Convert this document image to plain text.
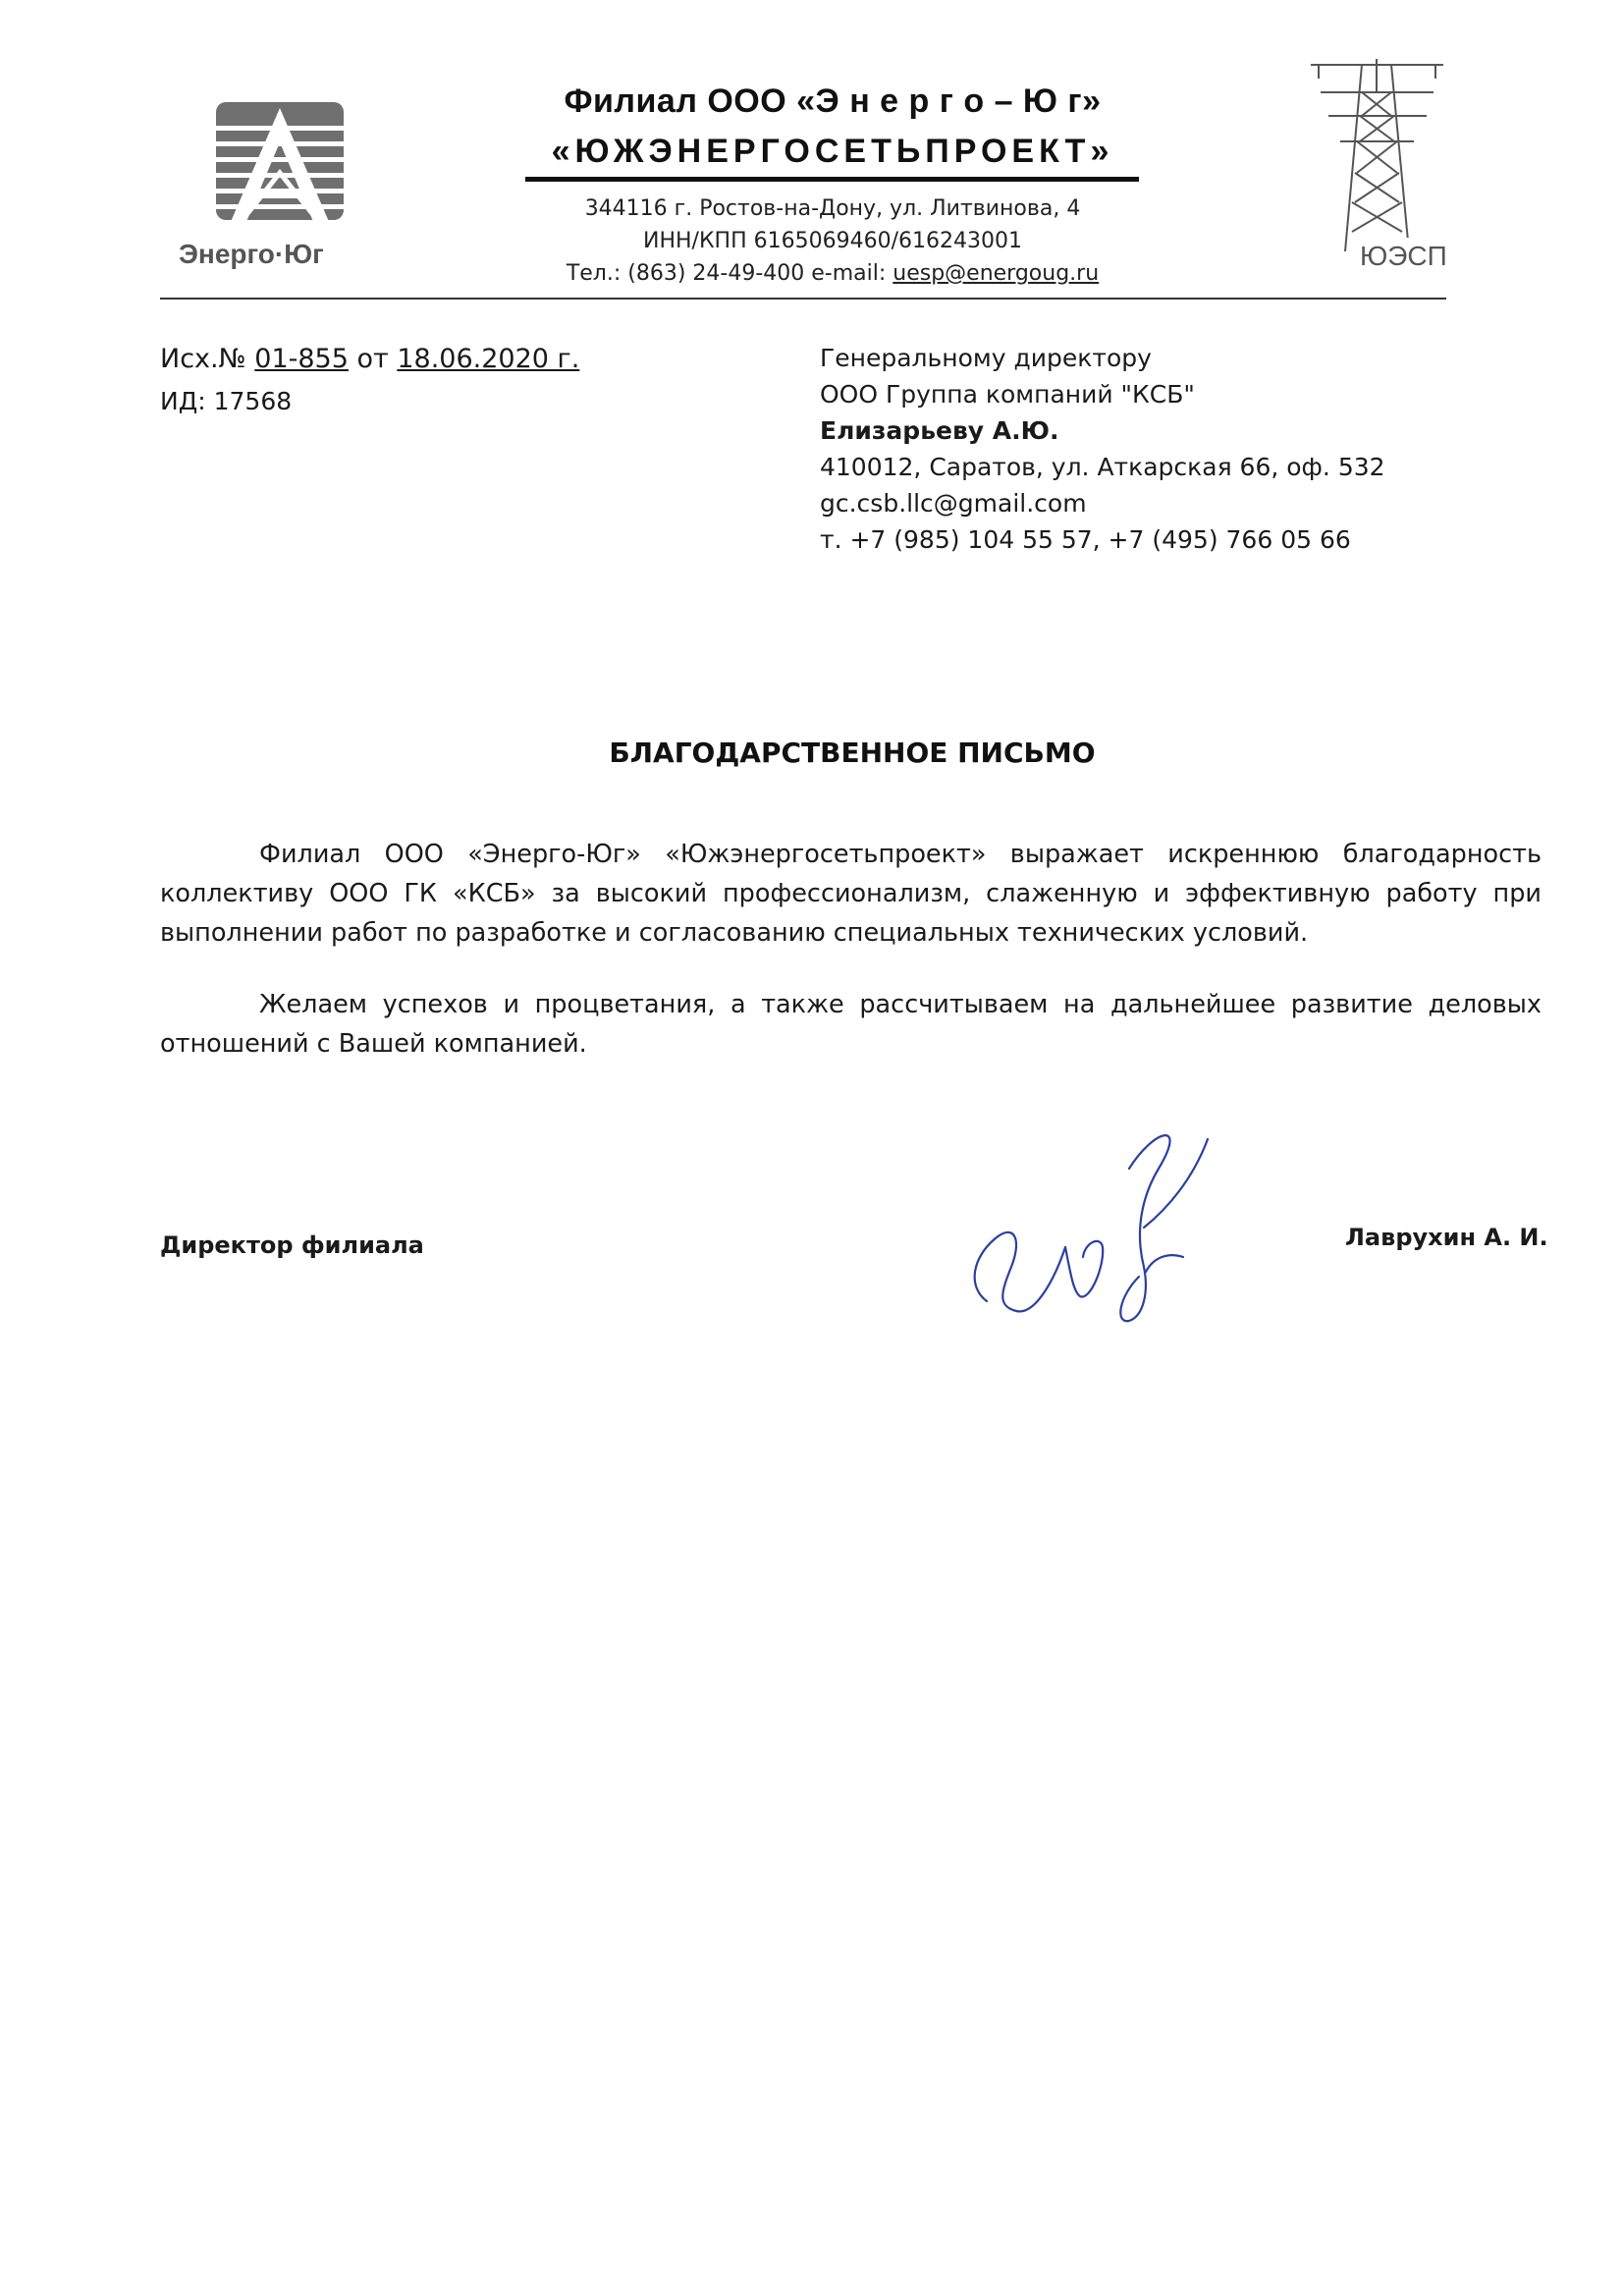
Энерго·Юг	ЮЭСП
Филиал ООО «Э н е р г о – Ю г»
«ЮЖЭНЕРГОСЕТЬПРОЕКТ»
344116 г. Ростов-на-Дону, ул. Литвинова, 4
ИНН/КПП 6165069460/616243001
Тел.: (863) 24-49-400 e-mail: uesp@energoug.ru
Исх.№ 01-855 от 18.06.2020 г.
ИД: 17568
Генеральному директору
ООО Группа компаний "КСБ"
Елизарьеву А.Ю.
410012, Саратов, ул. Аткарская 66, оф. 532
gc.csb.llc@gmail.com
т. +7 (985) 104 55 57, +7 (495) 766 05 66
БЛАГОДАРСТВЕННОЕ ПИСЬМО
Филиал ООО «Энерго-Юг» «Южэнергосетьпроект» выражает искреннюю благодарность коллективу ООО ГК «КСБ» за высокий профессионализм, слаженную и эффективную работу при выполнении работ по разработке и согласованию специальных технических условий.
Желаем успехов и процветания, а также рассчитываем на дальнейшее развитие деловых отношений с Вашей компанией.
Директор филиала	Лаврухин А. И.
